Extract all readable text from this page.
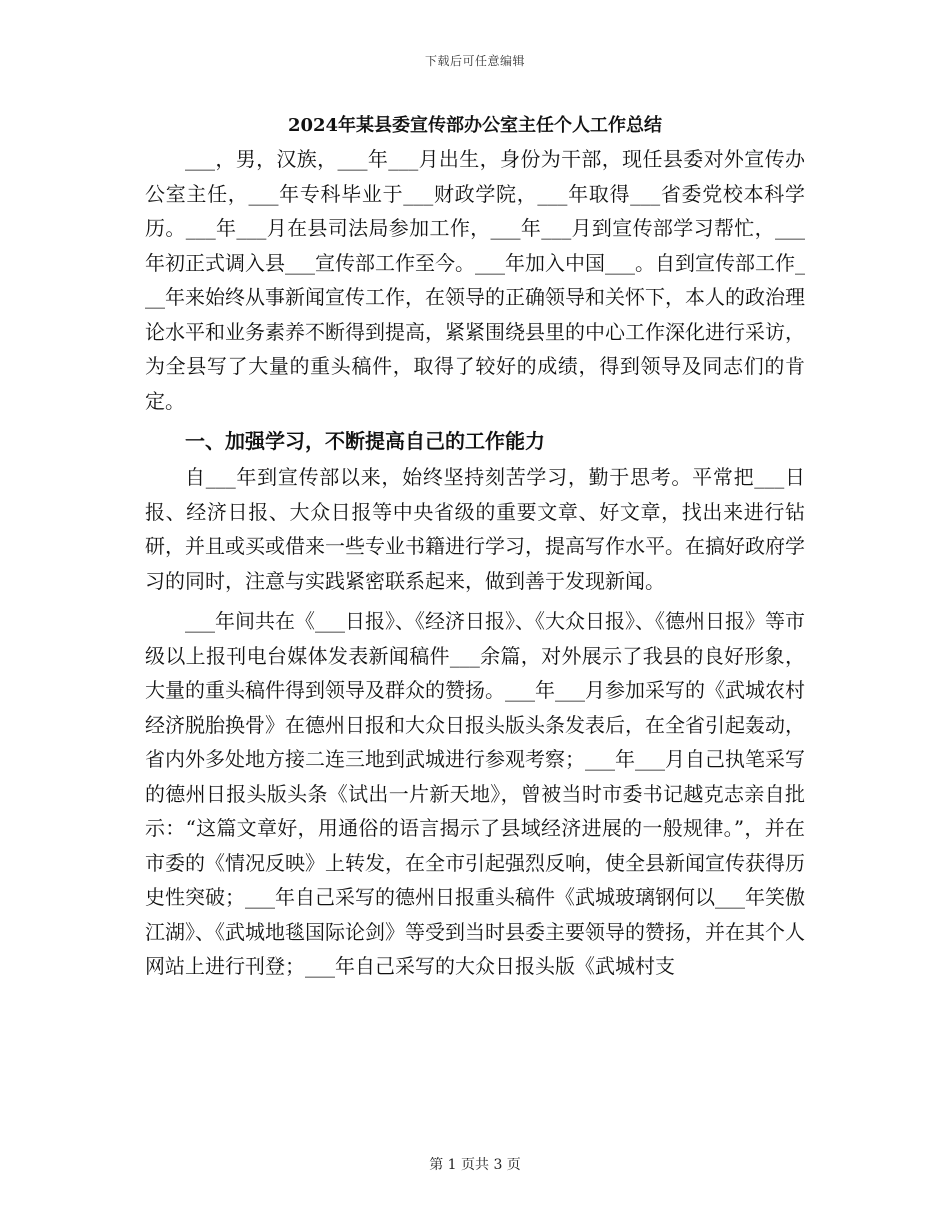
下载后可任意编辑
2024年某县委宣传部办公室主任个人工作总结

___，男，汉族，___年___月出生，身份为干部，现任县委对外宣传办公室主任，___年专科毕业于___财政学院，___年取得___省委党校本科学历。___年___月在县司法局参加工作，___年___月到宣传部学习帮忙，___年初正式调入县___宣传部工作至今。___年加入中国___。自到宣传部工作___年来始终从事新闻宣传工作，在领导的正确领导和关怀下，本人的政治理论水平和业务素养不断得到提高，紧紧围绕县里的中心工作深化进行采访，为全县写了大量的重头稿件，取得了较好的成绩，得到领导及同志们的肯定。

一、加强学习，不断提高自己的工作能力

自___年到宣传部以来，始终坚持刻苦学习，勤于思考。平常把___日报、经济日报、大众日报等中央省级的重要文章、好文章，找出来进行钻研，并且或买或借来一些专业书籍进行学习，提高写作水平。在搞好政府学习的同时，注意与实践紧密联系起来，做到善于发现新闻。

___年间共在《___日报》、《经济日报》、《大众日报》、《德州日报》等市级以上报刊电台媒体发表新闻稿件___余篇，对外展示了我县的良好形象，大量的重头稿件得到领导及群众的赞扬。___年___月参加采写的《武城农村经济脱胎换骨》在德州日报和大众日报头版头条发表后，在全省引起轰动，省内外多处地方接二连三地到武城进行参观考察；___年___月自己执笔采写的德州日报头版头条《试出一片新天地》，曾被当时市委书记越克志亲自批示：“这篇文章好，用通俗的语言揭示了县域经济进展的一般规律。”，并在市委的《情况反映》上转发，在全市引起强烈反响，使全县新闻宣传获得历史性突破；___年自己采写的德州日报重头稿件《武城玻璃钢何以___年笑傲江湖》、《武城地毯国际论剑》等受到当时县委主要领导的赞扬，并在其个人网站上进行刊登；___年自己采写的大众日报头版《武城村支

第 1 页共 3 页
